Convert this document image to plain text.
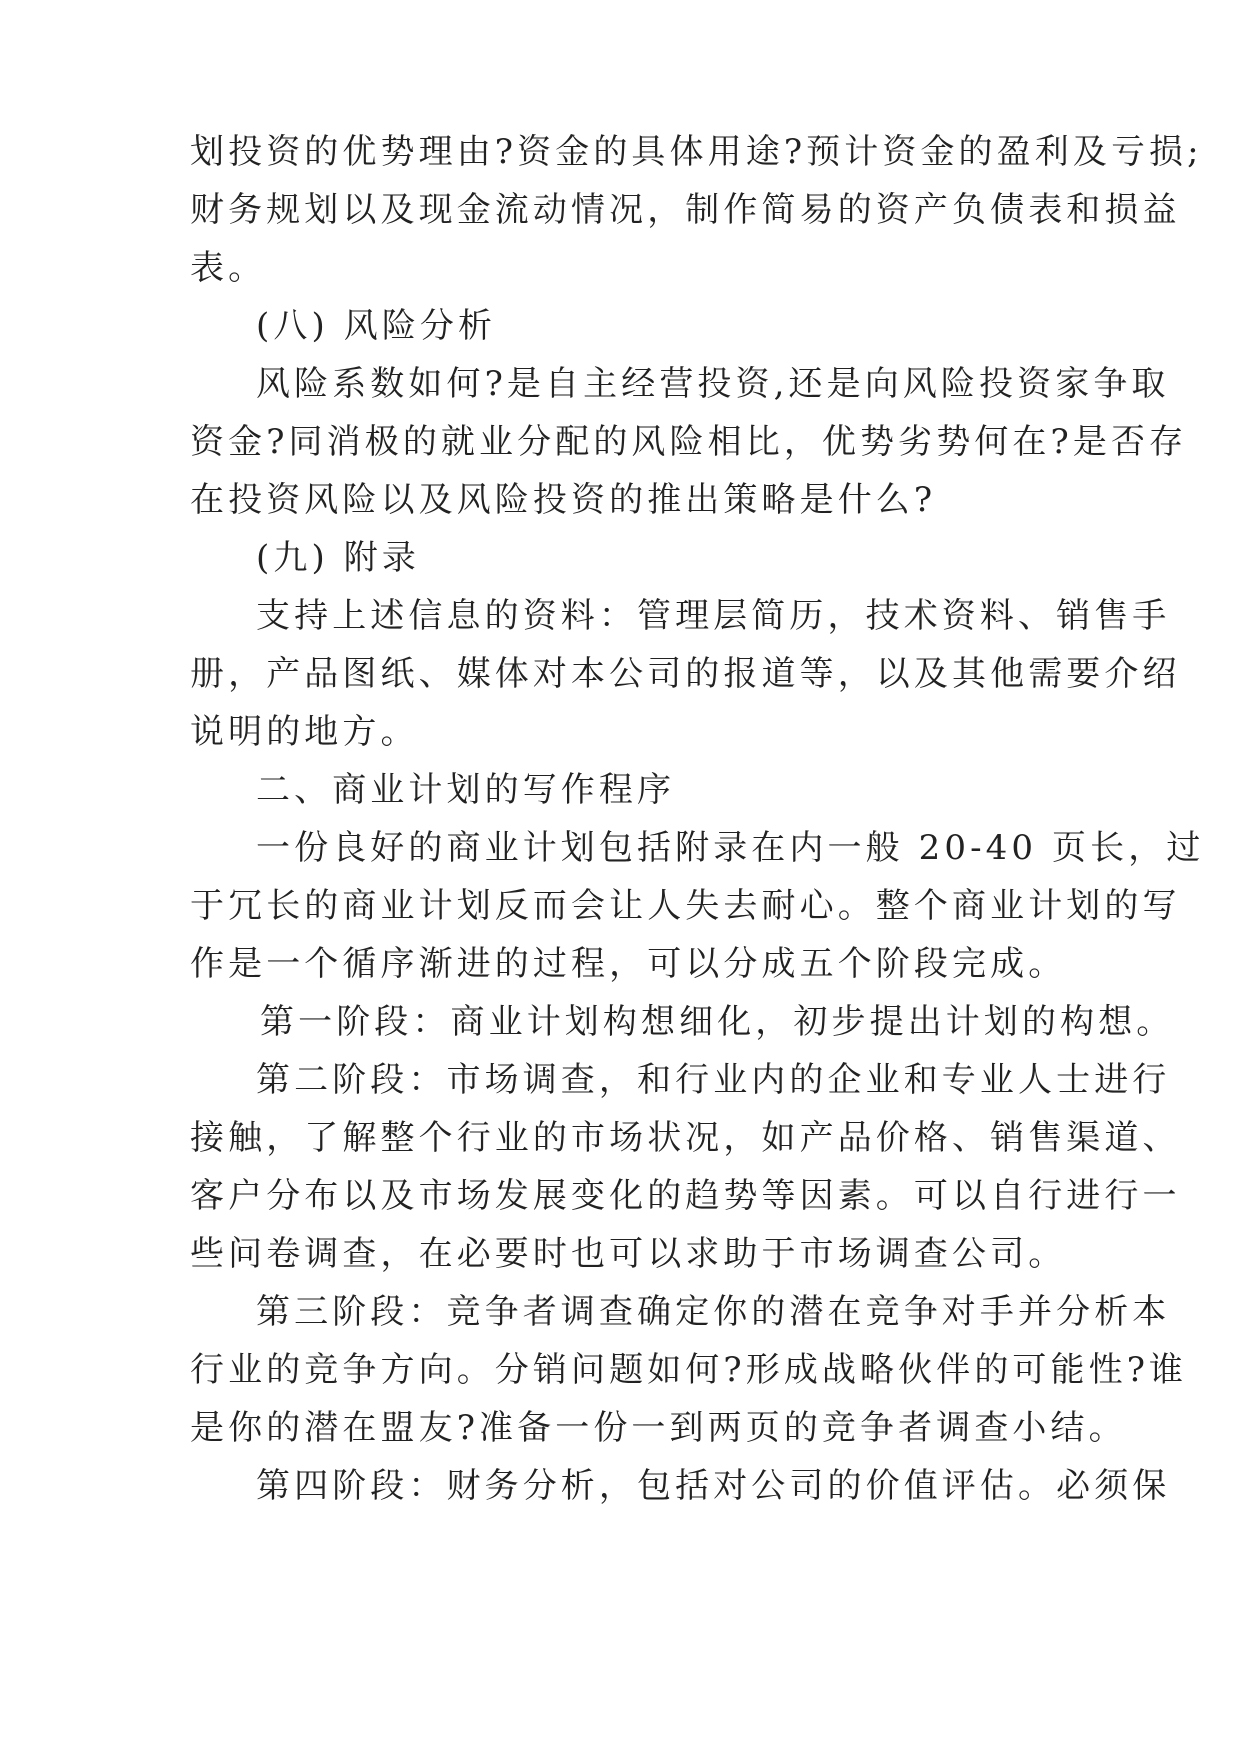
划投资的优势理由?资金的具体用途?预计资金的盈利及亏损;
财务规划以及现金流动情况，制作简易的资产负债表和损益
表。
(八) 风险分析
风险系数如何?是自主经营投资,还是向风险投资家争取
资金?同消极的就业分配的风险相比，优势劣势何在?是否存
在投资风险以及风险投资的推出策略是什么?
(九) 附录
支持上述信息的资料：管理层简历，技术资料、销售手
册，产品图纸、媒体对本公司的报道等，以及其他需要介绍
说明的地方。
二、商业计划的写作程序
一份良好的商业计划包括附录在内一般 20-40 页长，过
于冗长的商业计划反而会让人失去耐心。整个商业计划的写
作是一个循序渐进的过程，可以分成五个阶段完成。
第一阶段：商业计划构想细化，初步提出计划的构想。
第二阶段：市场调查，和行业内的企业和专业人士进行
接触，了解整个行业的市场状况，如产品价格、销售渠道、
客户分布以及市场发展变化的趋势等因素。可以自行进行一
些问卷调查，在必要时也可以求助于市场调查公司。
第三阶段：竞争者调查确定你的潜在竞争对手并分析本
行业的竞争方向。分销问题如何?形成战略伙伴的可能性?谁
是你的潜在盟友?准备一份一到两页的竞争者调查小结。
第四阶段：财务分析，包括对公司的价值评估。必须保
